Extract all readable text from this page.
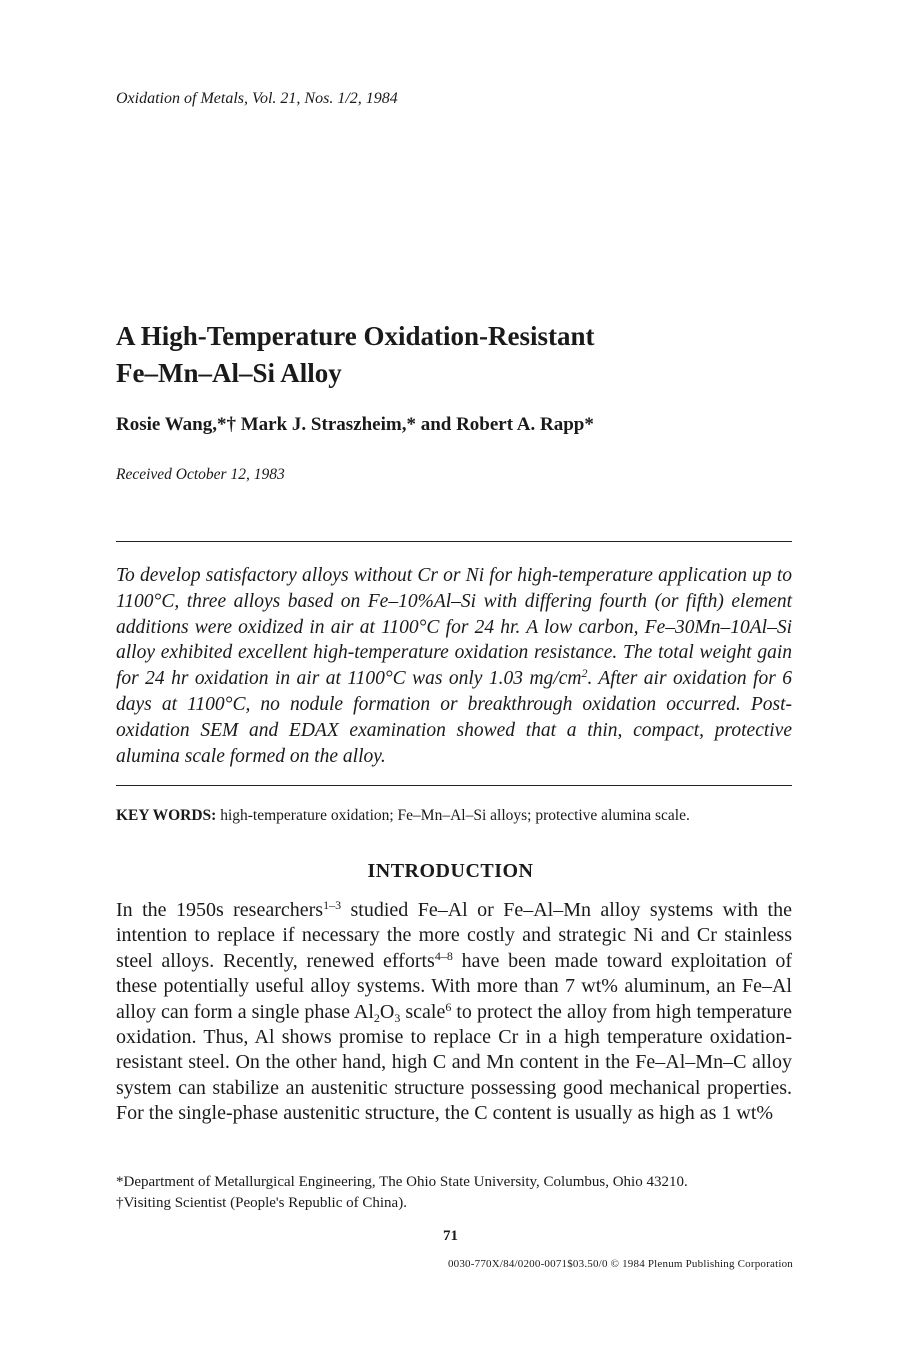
Oxidation of Metals, Vol. 21, Nos. 1/2, 1984
A High-Temperature Oxidation-Resistant
Fe–Mn–Al–Si Alloy
Rosie Wang,*† Mark J. Straszheim,* and Robert A. Rapp*
Received October 12, 1983
To develop satisfactory alloys without Cr or Ni for high-temperature application up to 1100°C, three alloys based on Fe–10%Al–Si with differing fourth (or fifth) element additions were oxidized in air at 1100°C for 24 hr. A low carbon, Fe–30Mn–10Al–Si alloy exhibited excellent high-temperature oxidation resistance. The total weight gain for 24 hr oxidation in air at 1100°C was only 1.03 $mg/cm^2$. After air oxidation for 6 days at 1100°C, no nodule formation or breakthrough oxidation occurred. Post-oxidation SEM and EDAX examination showed that a thin, compact, protective alumina scale formed on the alloy.
KEY WORDS: high-temperature oxidation; Fe–Mn–Al–Si alloys; protective alumina scale.
INTRODUCTION
In the 1950s researchers$^{1-3}$ studied Fe–Al or Fe–Al–Mn alloy systems with the intention to replace if necessary the more costly and strategic Ni and Cr stainless steel alloys. Recently, renewed efforts$^{4-8}$ have been made toward exploitation of these potentially useful alloy systems. With more than 7 wt% aluminum, an Fe–Al alloy can form a single phase $Al_2O_3$ scale$^6$ to protect the alloy from high temperature oxidation. Thus, Al shows promise to replace Cr in a high temperature oxidation-resistant steel. On the other hand, high C and Mn content in the Fe–Al–Mn–C alloy system can stabilize an austenitic structure possessing good mechanical properties. For the single-phase austenitic structure, the C content is usually as high as 1 wt%
*Department of Metallurgical Engineering, The Ohio State University, Columbus, Ohio 43210.
†Visiting Scientist (People's Republic of China).
71
0030-770X/84/0200-0071$03.50/0 © 1984 Plenum Publishing Corporation
